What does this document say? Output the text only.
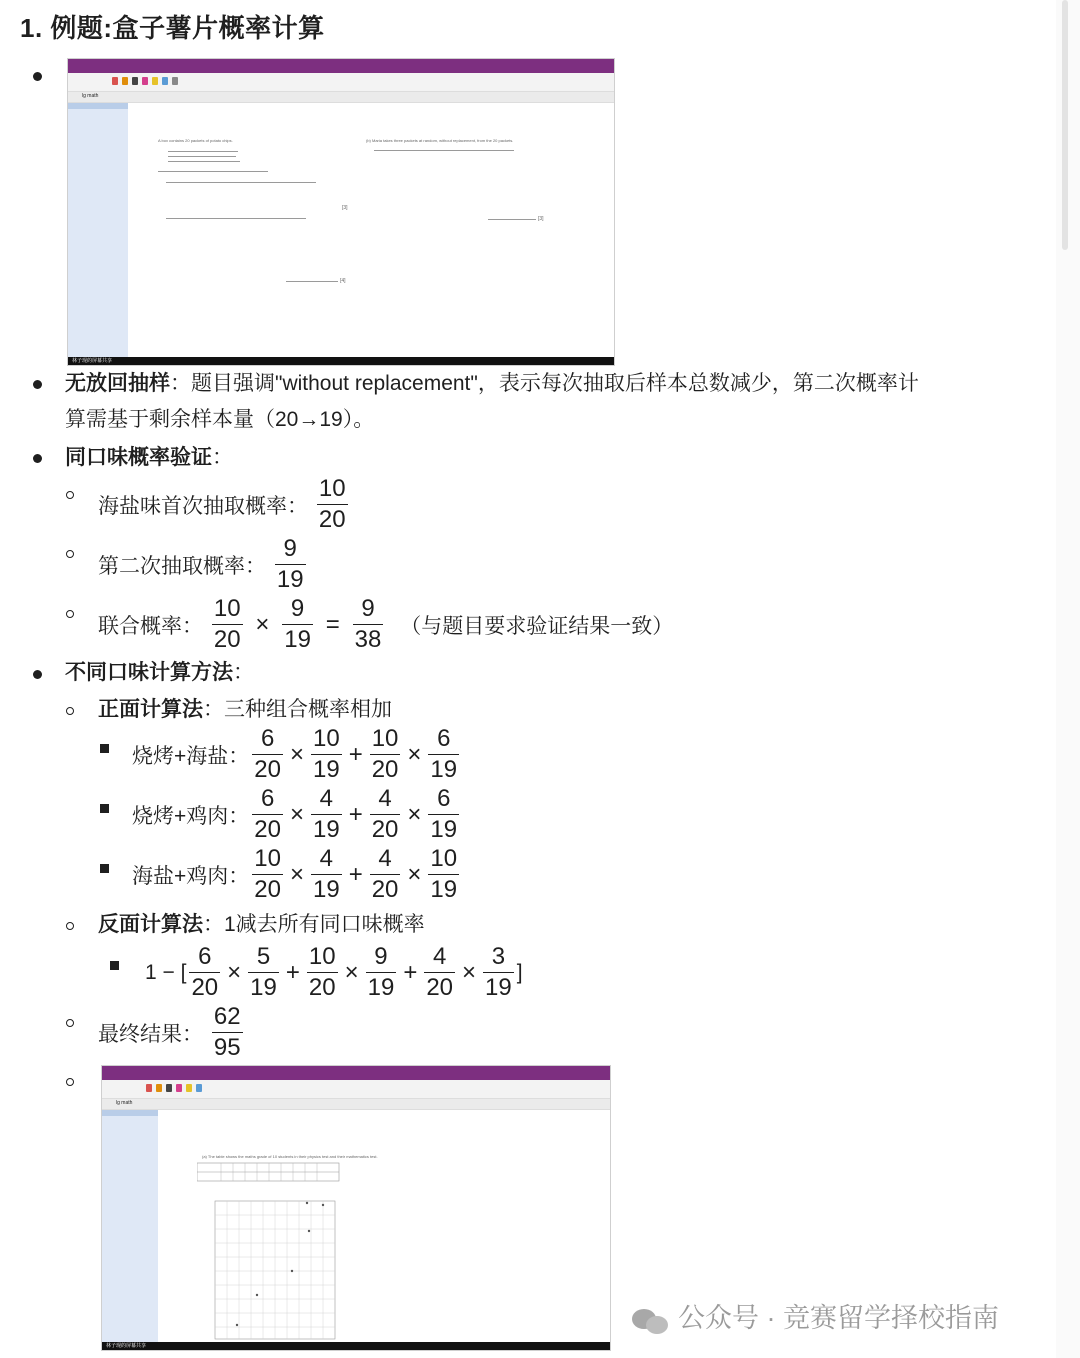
1. 例题:盒子薯片概率计算
lg math
A box contains 20 packets of potato chips.	(b) Maria takes three packets at random, without replacement, from the 20 packets.
[3]
[3]
[4]
林子现的屏幕共享
无放回抽样：题目强调"without replacement"，表示每次抽取后样本总数减少，第二次概率计
算需基于剩余样本量（20→19）。
同口味概率验证：
海盐味首次抽取概率： $\frac{10}{20}$
第二次抽取概率： $\frac{9}{19}$
联合概率： $\frac{10}{20} \times \frac{9}{19} = \frac{9}{38}$ （与题目要求验证结果一致）
不同口味计算方法：
正面计算法：三种组合概率相加
烧烤+海盐： $\frac{6}{20} \times \frac{10}{19} + \frac{10}{20} \times \frac{6}{19}$
烧烤+鸡肉： $\frac{6}{20} \times \frac{4}{19} + \frac{4}{20} \times \frac{6}{19}$
海盐+鸡肉： $\frac{10}{20} \times \frac{4}{19} + \frac{4}{20} \times \frac{10}{19}$
反面计算法：1减去所有同口味概率
1 − [ $\frac{6}{20} \times \frac{5}{19} + \frac{10}{20} \times \frac{9}{19} + \frac{4}{20} \times \frac{3}{19}$ ]
最终结果： $\frac{62}{95}$
lg math
(a) The table shows the maths grade of 10 students in their physics test and their mathematics test.
林子现的屏幕共享
公众号 · 竞赛留学择校指南
